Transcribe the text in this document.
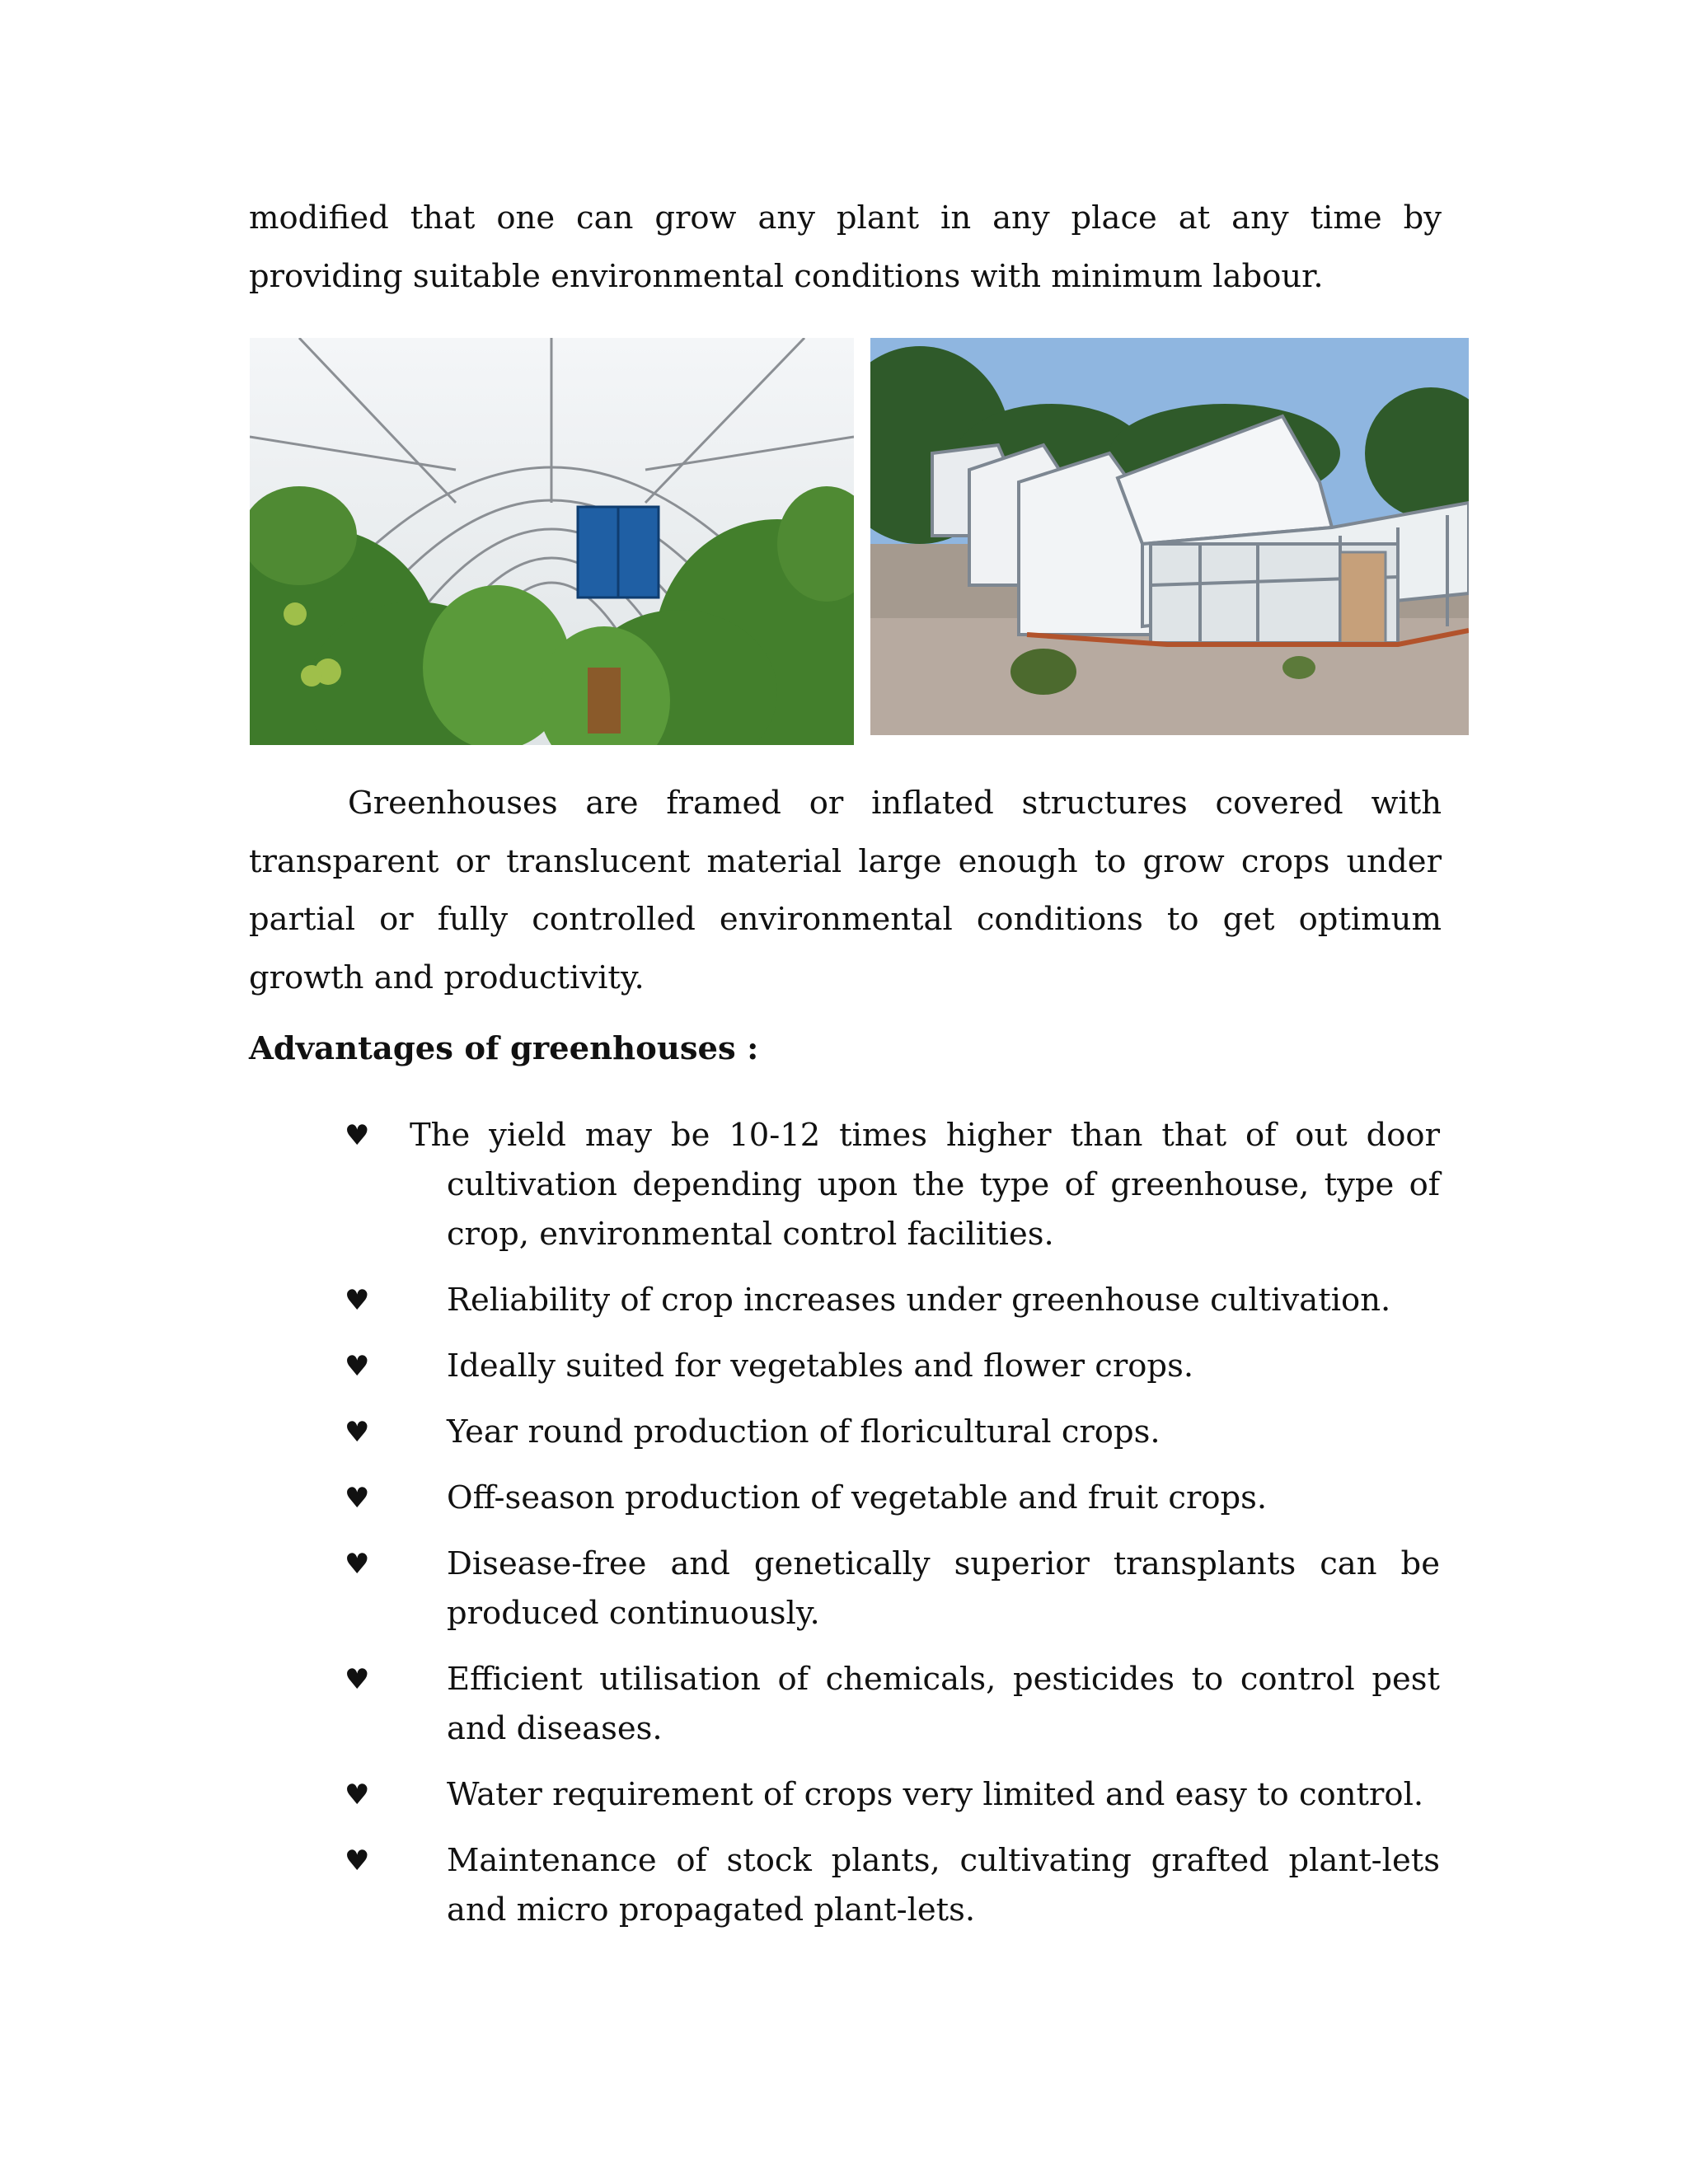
modified that one can grow any plant in any place at any time by providing suitable environmental conditions with minimum labour.

Greenhouses are framed or inflated structures covered with transparent or translucent material large enough to grow crops under partial or fully controlled environmental conditions to get optimum growth and productivity.

Advantages of greenhouses :
♥ The yield may be 10-12 times higher than that of out door cultivation depending upon the type of greenhouse, type of crop, environmental control facilities.

♥ Reliability of crop increases under greenhouse cultivation.

♥ Ideally suited for vegetables and flower crops.

♥ Year round production of floricultural crops.

♥ Off-season production of vegetable and fruit crops.

♥ Disease-free and genetically superior transplants can be produced continuously.

♥ Efficient utilisation of chemicals, pesticides to control pest and diseases.

♥ Water requirement of crops very limited and easy to control.

♥ Maintenance of stock plants, cultivating grafted plant-lets and micro propagated plant-lets.
